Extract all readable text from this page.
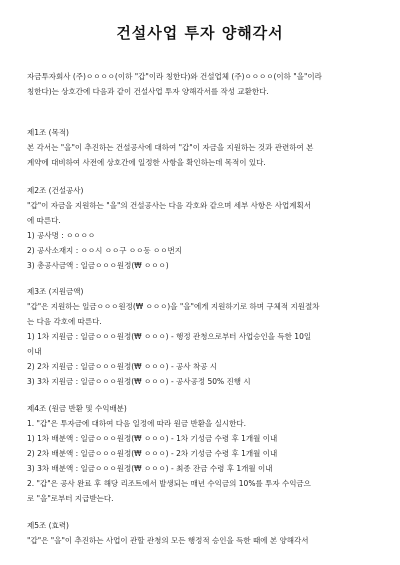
건설사업 투자 양해각서
자금투자회사 (주)ㅇㅇㅇㅇ(이하 "갑"이라 칭한다)와 건설업체 (주)ㅇㅇㅇㅇ(이하 "을"이라
칭한다)는 상호간에 다음과 같이 건설사업 투자 양해각서를 작성 교환한다.
제1조 (목적)
본 각서는 "을"이 추진하는 건설공사에 대하여 "갑"이 자금을 지원하는 것과 관련하여 본
계약에 대비하여 사전에 상호간에 일정한 사항을 확인하는데 목적이 있다.
제2조 (건설공사)
"갑"이 자금을 지원하는 "을"의 건설공사는 다음 각호와 같으며 세부 사항은 사업계획서
에 따른다.
1) 공사명 : ㅇㅇㅇㅇ
2) 공사소재지 : ㅇㅇ시 ㅇㅇ구 ㅇㅇ동 ㅇㅇ번지
3) 총공사금액 : 일금ㅇㅇㅇ원정(₩ ㅇㅇㅇ)
제3조 (지원금액)
"갑"은 지원하는 일금ㅇㅇㅇ원정(₩ ㅇㅇㅇ)을 "을"에게 지원하기로 하며 구체적 지원절차
는 다음 각호에 따른다.
1) 1차 지원금 : 일금ㅇㅇㅇ원정(₩ ㅇㅇㅇ) - 행정 관청으로부터 사업승인을 득한 10일
이내
2) 2차 지원금 : 일금ㅇㅇㅇ원정(₩ ㅇㅇㅇ) - 공사 착공 시
3) 3차 지원금 : 일금ㅇㅇㅇ원정(₩ ㅇㅇㅇ) - 공사공정 50% 진행 시
제4조 (원금 반환 및 수익배분)
1. "갑"은 투자금에 대하여 다음 일정에 따라 원금 반환을 실시한다.
1) 1차 배분액 : 일금ㅇㅇㅇ원정(₩ ㅇㅇㅇ) - 1차 기성금 수령 후 1개월 이내
2) 2차 배분액 : 일금ㅇㅇㅇ원정(₩ ㅇㅇㅇ) - 2차 기성금 수령 후 1개월 이내
3) 3차 배분액 : 일금ㅇㅇㅇ원정(₩ ㅇㅇㅇ) - 최종 잔금 수령 후 1개월 이내
2. "갑"은 공사 완료 후 해당 리조트에서 발생되는 매년 수익금의 10%를 투자 수익금으
로 "을"로부터 지급받는다.
제5조 (효력)
"갑"은 "을"이 추진하는 사업이 관할 관청의 모든 행정적 승인을 득한 때에 본 양해각서
